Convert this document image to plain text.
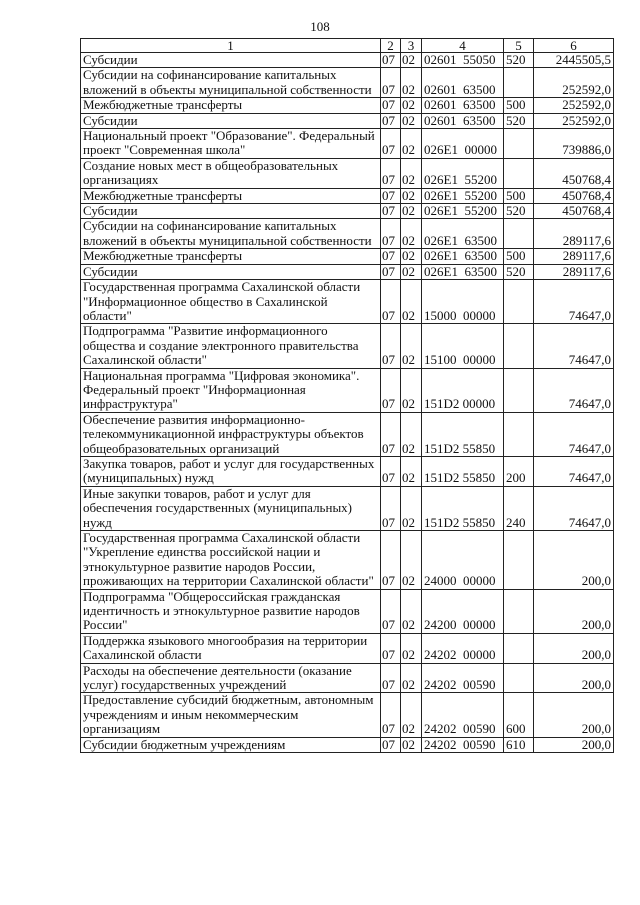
108
1	2	3	4	5	6
Субсидии	07	02	02601  55050	520	2445505,5
Субсидии на софинансирование капитальных вложений в объекты муниципальной собственности	07	02	02601  63500		252592,0
Межбюджетные трансферты	07	02	02601  63500	500	252592,0
Субсидии	07	02	02601  63500	520	252592,0
Национальный проект "Образование". Федеральный проект "Современная школа"	07	02	026E1  00000		739886,0
Создание новых мест в общеобразовательных организациях	07	02	026E1  55200		450768,4
Межбюджетные трансферты	07	02	026E1  55200	500	450768,4
Субсидии	07	02	026E1  55200	520	450768,4
Субсидии на софинансирование капитальных вложений в объекты муниципальной собственности	07	02	026E1  63500		289117,6
Межбюджетные трансферты	07	02	026E1  63500	500	289117,6
Субсидии	07	02	026E1  63500	520	289117,6
Государственная программа Сахалинской области "Информационное общество в Сахалинской области"	07	02	15000  00000		74647,0
Подпрограмма "Развитие информационного общества и создание электронного правительства Сахалинской области"	07	02	15100  00000		74647,0
Национальная программа "Цифровая экономика". Федеральный проект "Информационная инфраструктура"	07	02	151D2 00000		74647,0
Обеспечение развития информационно-телекоммуникационной инфраструктуры объектов общеобразовательных организаций	07	02	151D2 55850		74647,0
Закупка товаров, работ и услуг для государственных (муниципальных) нужд	07	02	151D2 55850	200	74647,0
Иные закупки товаров, работ и услуг для обеспечения государственных (муниципальных) нужд	07	02	151D2 55850	240	74647,0
Государственная программа Сахалинской области "Укрепление единства российской нации и этнокультурное развитие народов России, проживающих на территории Сахалинской области"	07	02	24000  00000		200,0
Подпрограмма "Общероссийская гражданская идентичность и этнокультурное развитие народов России"	07	02	24200  00000		200,0
Поддержка языкового многообразия на территории Сахалинской области	07	02	24202  00000		200,0
Расходы на обеспечение деятельности (оказание услуг) государственных учреждений	07	02	24202  00590		200,0
Предоставление субсидий бюджетным, автономным учреждениям и иным некоммерческим организациям	07	02	24202  00590	600	200,0
Субсидии бюджетным учреждениям	07	02	24202  00590	610	200,0
